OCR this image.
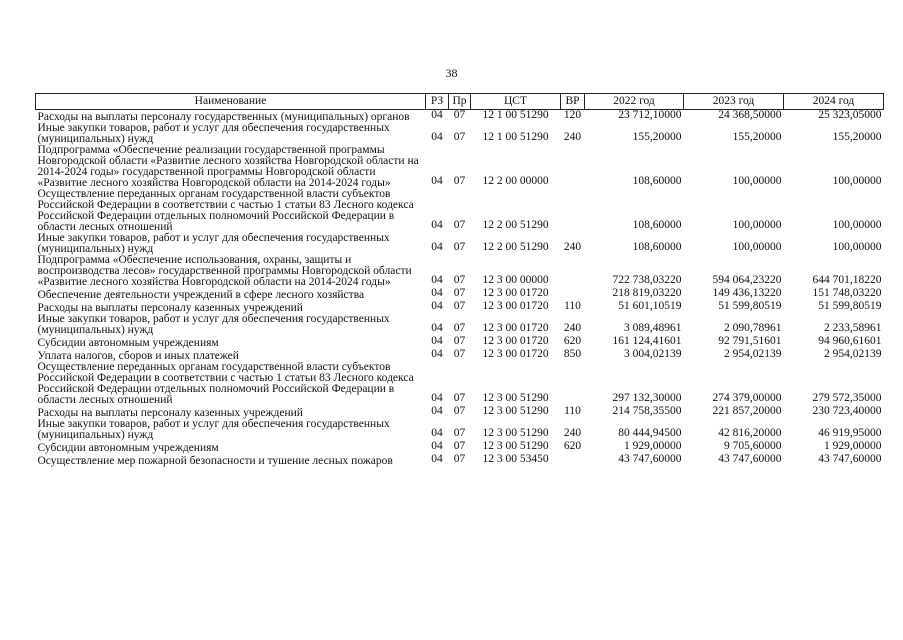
38
Наименование	РЗ	Пр	ЦСТ	ВР	2022 год	2023 год	2024 год
Расходы на выплаты персоналу государственных (муниципальных) органов	04	07	12 1 00 51290	120	23 712,10000	24 368,50000	25 323,05000
Иные закупки товаров, работ и услуг для обеспечения государственных (муниципальных) нужд	04	07	12 1 00 51290	240	155,20000	155,20000	155,20000
Подпрограмма «Обеспечение реализации государственной программы Новгородской области «Развитие лесного хозяйства Новгородской области на 2014-2024 годы» государственной программы Новгородской области «Развитие лесного хозяйства Новгородской области на 2014-2024 годы»	04	07	12 2 00 00000		108,60000	100,00000	100,00000
Осуществление переданных органам государственной власти субъектов Российской Федерации в соответствии с частью 1 статьи 83 Лесного кодекса Российской Федерации отдельных полномочий Российской Федерации в области лесных отношений	04	07	12 2 00 51290		108,60000	100,00000	100,00000
Иные закупки товаров, работ и услуг для обеспечения государственных (муниципальных) нужд	04	07	12 2 00 51290	240	108,60000	100,00000	100,00000
Подпрограмма «Обеспечение использования, охраны, защиты и воспроизводства лесов» государственной программы Новгородской области «Развитие лесного хозяйства Новгородской области на 2014-2024 годы»	04	07	12 3 00 00000		722 738,03220	594 064,23220	644 701,18220
Обеспечение деятельности учреждений в сфере лесного хозяйства	04	07	12 3 00 01720		218 819,03220	149 436,13220	151 748,03220
Расходы на выплаты персоналу казенных учреждений	04	07	12 3 00 01720	110	51 601,10519	51 599,80519	51 599,80519
Иные закупки товаров, работ и услуг для обеспечения государственных (муниципальных) нужд	04	07	12 3 00 01720	240	3 089,48961	2 090,78961	2 233,58961
Субсидии автономным учреждениям	04	07	12 3 00 01720	620	161 124,41601	92 791,51601	94 960,61601
Уплата налогов, сборов и иных платежей	04	07	12 3 00 01720	850	3 004,02139	2 954,02139	2 954,02139
Осуществление переданных органам государственной власти субъектов Российской Федерации в соответствии с частью 1 статьи 83 Лесного кодекса Российской Федерации отдельных полномочий Российской Федерации в области лесных отношений	04	07	12 3 00 51290		297 132,30000	274 379,00000	279 572,35000
Расходы на выплаты персоналу казенных учреждений	04	07	12 3 00 51290	110	214 758,35500	221 857,20000	230 723,40000
Иные закупки товаров, работ и услуг для обеспечения государственных (муниципальных) нужд	04	07	12 3 00 51290	240	80 444,94500	42 816,20000	46 919,95000
Субсидии автономным учреждениям	04	07	12 3 00 51290	620	1 929,00000	9 705,60000	1 929,00000
Осуществление мер пожарной безопасности и тушение лесных пожаров	04	07	12 3 00 53450		43 747,60000	43 747,60000	43 747,60000
